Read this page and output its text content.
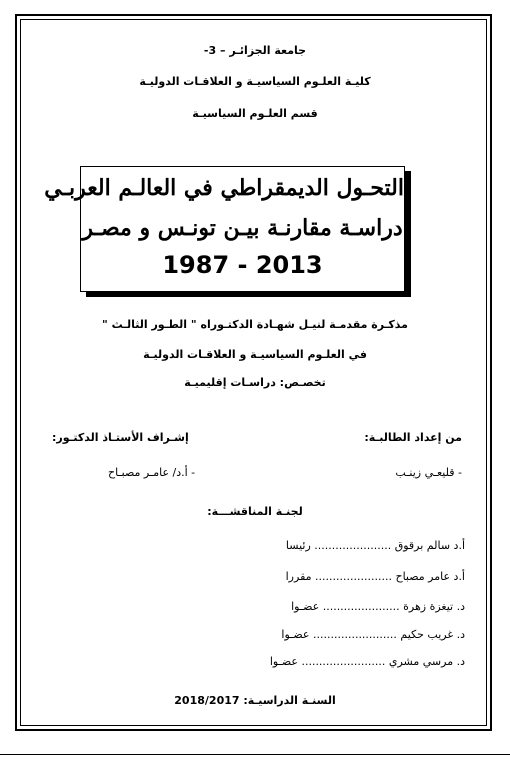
جامعة الجزائـر – 3-
كليـة العلـوم السياسيـة و العلاقـات الدوليـة
قسم العلـوم السياسيـة
التحـول الديمقراطي في العالـم العربـي
دراسـة مقارنـة بيـن تونـس و مصـر
1987 - 2013
مذكـرة مقدمـة لنيـل شهـادة الدكتـوراه " الطـور الثالـث "
في العلـوم السياسيـة و العلاقـات الدوليـة
تخصـص: دراسـات إقليميـة
من إعداد الطالبـة:
- قليعـي زينـب
إشـراف الأستـاذ الدكتـور:
- أ.د/ عامـر مصبـاح
لجنـة المناقشـــة:
أ.د سالم برقوق ...................... رئيسا
أ.د عامر مصباح ...................... مقررا
د. تيغزة زهرة ...................... عضـوا
د. غريب حكيم ........................ عضـوا
د. مرسي مشري ........................ عضـوا
السنـة الدراسيـة: 2018/2017
